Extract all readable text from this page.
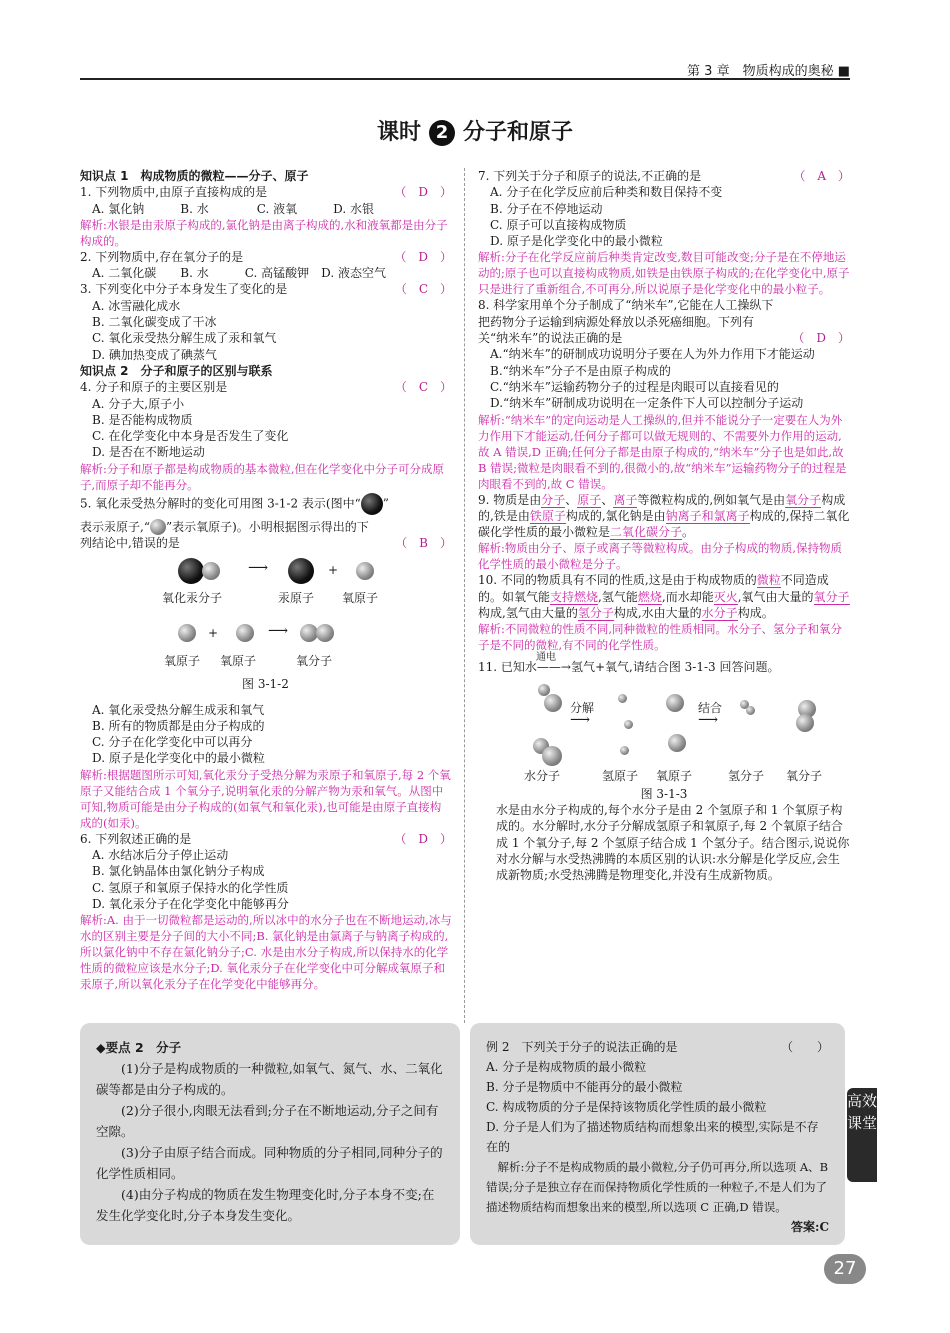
第 3 章　物质构成的奥秘 ■
课时 2 分子和原子
知识点 1　构成物质的微粒——分子、原子
1. 下列物质中,由原子直接构成的是	（　D　）
A. 氯化钠　　　B. 水　　　　C. 液氧　　　D. 水银
解析:水银是由汞原子构成的,氯化钠是由离子构成的,水和液氧都是由分子构成的。
2. 下列物质中,存在氧分子的是	（　D　）
A. 二氧化碳　　B. 水　　　C. 高锰酸钾　D. 液态空气
3. 下列变化中分子本身发生了变化的是	（　C　）
A. 冰雪融化成水
B. 二氧化碳变成了干冰
C. 氧化汞受热分解生成了汞和氧气
D. 碘加热变成了碘蒸气
知识点 2　分子和原子的区别与联系
4. 分子和原子的主要区别是	（　C　）
A. 分子大,原子小
B. 是否能构成物质
C. 在化学变化中本身是否发生了变化
D. 是否在不断地运动
解析:分子和原子都是构成物质的基本微粒,但在化学变化中分子可分成原子,而原子却不能再分。
5. 氧化汞受热分解时的变化可用图 3-1-2 表示(图中“ ”
表示汞原子,“ ”表示氧原子)。小明根据图示得出的下
列结论中,错误的是	（　B　）
⟶	+
氧化汞分子	汞原子 氧原子
+	⟶
氧原子 氧原子	氧分子
图 3-1-2
A. 氧化汞受热分解生成汞和氧气
B. 所有的物质都是由分子构成的
C. 分子在化学变化中可以再分
D. 原子是化学变化中的最小微粒
解析:根据题图所示可知,氧化汞分子受热分解为汞原子和氧原子,每 2 个氧原子又能结合成 1 个氧分子,说明氧化汞的分解产物为汞和氧气。从图中可知,物质可能是由分子构成的(如氧气和氧化汞),也可能是由原子直接构成的(如汞)。
6. 下列叙述正确的是	（　D　）
A. 水结冰后分子停止运动
B. 氯化钠晶体由氯化钠分子构成
C. 氢原子和氧原子保持水的化学性质
D. 氧化汞分子在化学变化中能够再分
解析:A. 由于一切微粒都是运动的,所以冰中的水分子也在不断地运动,冰与水的区别主要是分子间的大小不同;B. 氯化钠是由氯离子与钠离子构成的,所以氯化钠中不存在氯化钠分子;C. 水是由水分子构成,所以保持水的化学性质的微粒应该是水分子;D. 氧化汞分子在化学变化中可分解成氧原子和汞原子,所以氧化汞分子在化学变化中能够再分。
7. 下列关于分子和原子的说法,不正确的是	（　A　）
A. 分子在化学反应前后种类和数目保持不变
B. 分子在不停地运动
C. 原子可以直接构成物质
D. 原子是化学变化中的最小微粒
解析:分子在化学反应前后种类肯定改变,数目可能改变;分子是在不停地运动的;原子也可以直接构成物质,如铁是由铁原子构成的;在化学变化中,原子只是进行了重新组合,不可再分,所以说原子是化学变化中的最小粒子。
8. 科学家用单个分子制成了“纳米车”,它能在人工操纵下把药物分子运输到病源处释放以杀死癌细胞。下列有关“纳米车”的说法正确的是	（　D　）
A.“纳米车”的研制成功说明分子要在人为外力作用下才能运动
B.“纳米车”分子不是由原子构成的
C.“纳米车”运输药物分子的过程是肉眼可以直接看见的
D.“纳米车”研制成功说明在一定条件下人可以控制分子运动
解析:“纳米车”的定向运动是人工操纵的,但并不能说分子一定要在人为外力作用下才能运动,任何分子都可以做无规则的、不需要外力作用的运动,故 A 错误,D 正确;任何分子都是由原子构成的,“纳米车”分子也是如此,故 B 错误;微粒是肉眼看不到的,很微小的,故“纳米车”运输药物分子的过程是肉眼看不到的,故 C 错误。
9. 物质是由分子、原子、离子等微粒构成的,例如氧气是由氧分子构成的,铁是由铁原子构成的,氯化钠是由钠离子和氯离子构成的,保持二氧化碳化学性质的最小微粒是二氧化碳分子。
解析:物质由分子、原子或离子等微粒构成。由分子构成的物质,保持物质化学性质的最小微粒是分子。
10. 不同的物质具有不同的性质,这是由于构成物质的微粒不同造成的。如氧气能支持燃烧,氢气能燃烧,而水却能灭火,氧气由大量的氧分子构成,氢气由大量的氢分子构成,水由大量的水分子构成。
解析:不同微粒的性质不同,同种微粒的性质相同。水分子、氢分子和氧分子是不同的微粒,有不同的化学性质。
11. 已知水——→氢气+氧气,请结合图 3-1-3 回答问题。
通电
分解
⟶
结合
⟶
水分子	氢原子 氧原子	氢分子 氧分子
图 3-1-3
水是由水分子构成的,每个水分子是由 2 个氢原子和 1 个氧原子构成的。水分解时,水分子分解成氢原子和氧原子,每 2 个氧原子结合成 1 个氧分子,每 2 个氢原子结合成 1 个氢分子。结合图示,说说你对水分解与水受热沸腾的本质区别的认识:水分解是化学反应,会生成新物质;水受热沸腾是物理变化,并没有生成新物质。
◆要点 2　分子
(1)分子是构成物质的一种微粒,如氧气、氮气、水、二氧化碳等都是由分子构成的。
(2)分子很小,肉眼无法看到;分子在不断地运动,分子之间有空隙。
(3)分子由原子结合而成。同种物质的分子相同,同种分子的化学性质相同。
(4)由分子构成的物质在发生物理变化时,分子本身不变;在发生化学变化时,分子本身发生变化。
例 2　下列关于分子的说法正确的是	（　　）
A. 分子是构成物质的最小微粒
B. 分子是物质中不能再分的最小微粒
C. 构成物质的分子是保持该物质化学性质的最小微粒
D. 分子是人们为了描述物质结构而想象出来的模型,实际是不存在的
解析:分子不是构成物质的最小微粒,分子仍可再分,所以选项 A、B 错误;分子是独立存在而保持物质化学性质的一种粒子,不是人们为了描述物质结构而想象出来的模型,所以选项 C 正确,D 错误。
答案:C
高效课堂
27
